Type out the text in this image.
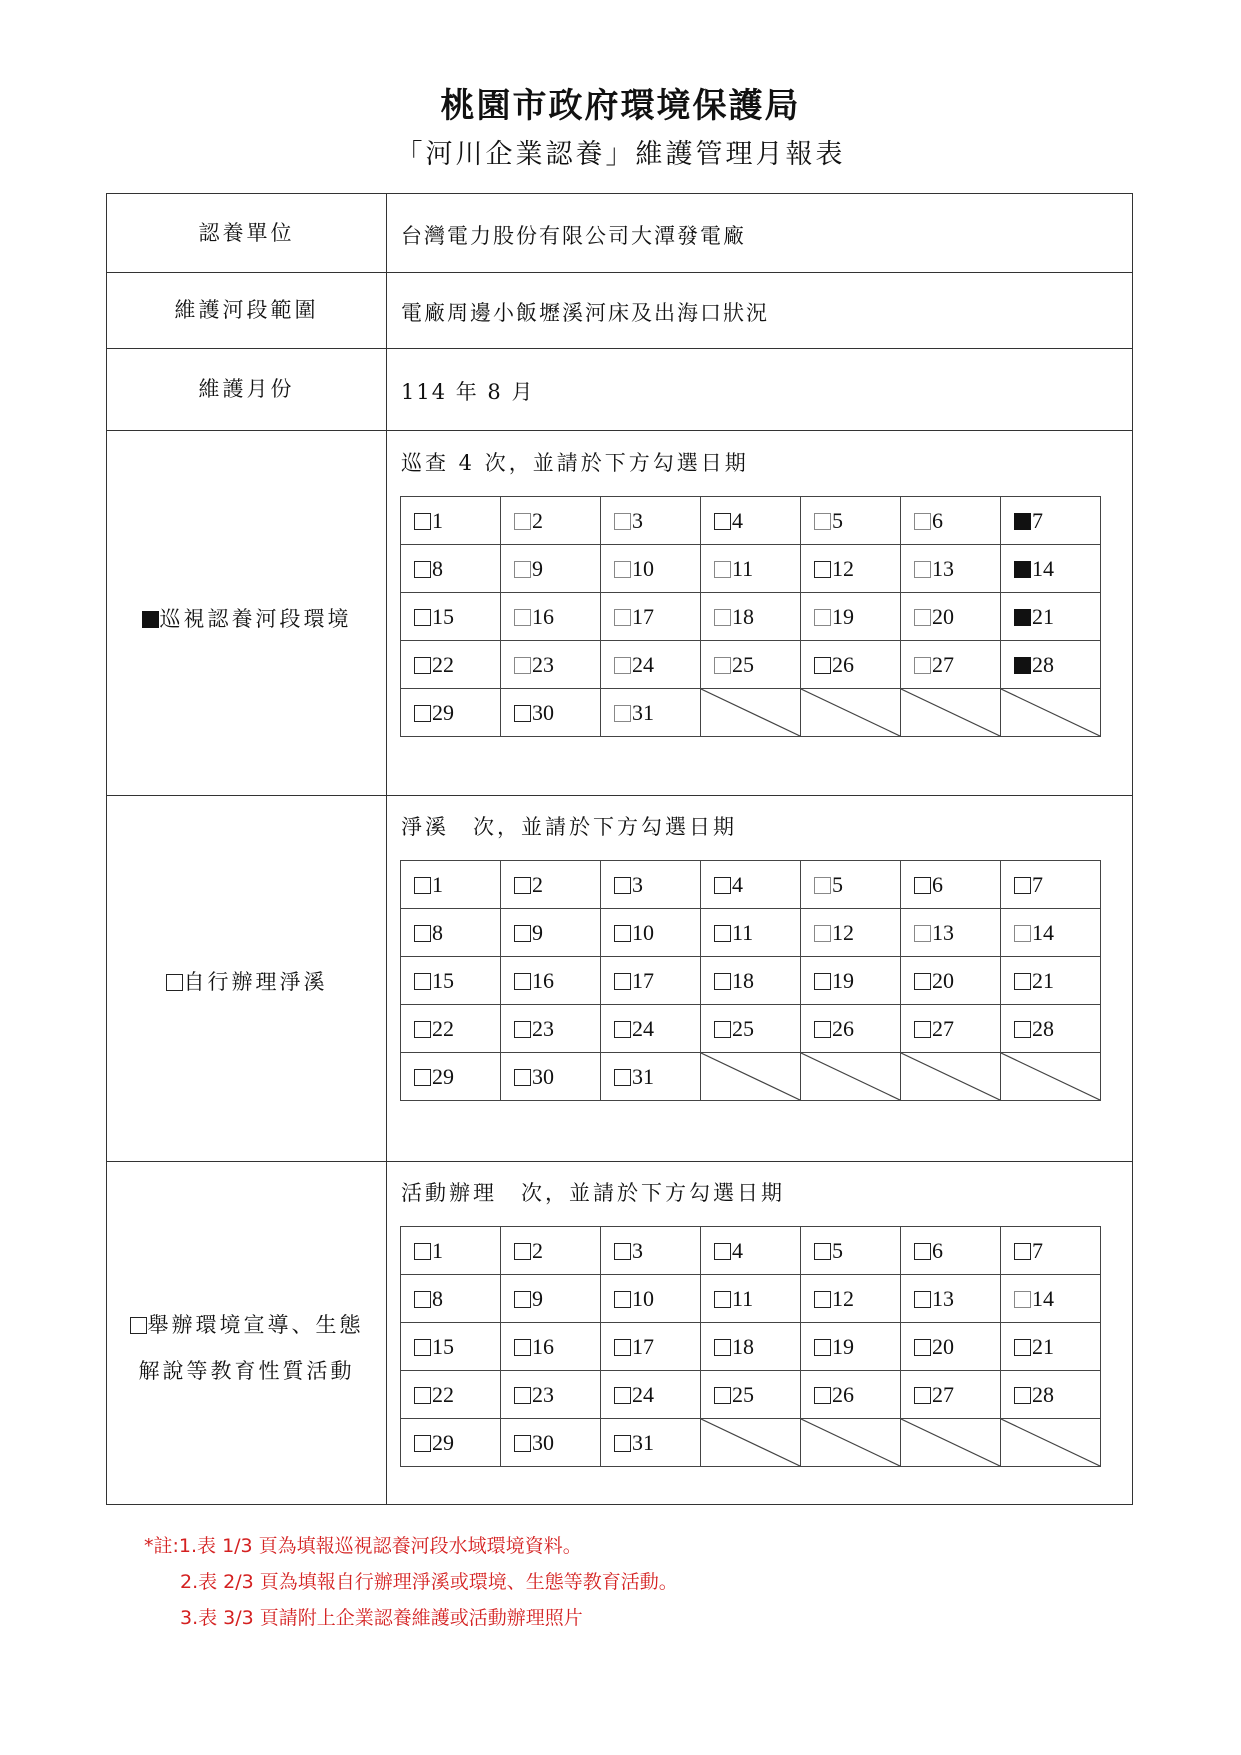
桃園市政府環境保護局
「河川企業認養」維護管理月報表
認養單位	台灣電力股份有限公司大潭發電廠
維護河段範圍	電廠周邊小飯壢溪河床及出海口狀況
維護月份	114 年 8 月
巡視認養河段環境
巡查 4 次，並請於下方勾選日期
1	2	3	4	5	6	7
8	9	10	11	12	13	14
15	16	17	18	19	20	21
22	23	24	25	26	27	28
29	30	31	

自行辦理淨溪
淨溪　次，並請於下方勾選日期
1	2	3	4	5	6	7
8	9	10	11	12	13	14
15	16	17	18	19	20	21
22	23	24	25	26	27	28
29	30	31	

舉辦環境宣導、生態
解說等教育性質活動
活動辦理　次，並請於下方勾選日期
1	2	3	4	5	6	7
8	9	10	11	12	13	14
15	16	17	18	19	20	21
22	23	24	25	26	27	28
29	30	31	

*註:1.表 1/3 頁為填報巡視認養河段水域環境資料。
2.表 2/3 頁為填報自行辦理淨溪或環境、生態等教育活動。
3.表 3/3 頁請附上企業認養維護或活動辦理照片
